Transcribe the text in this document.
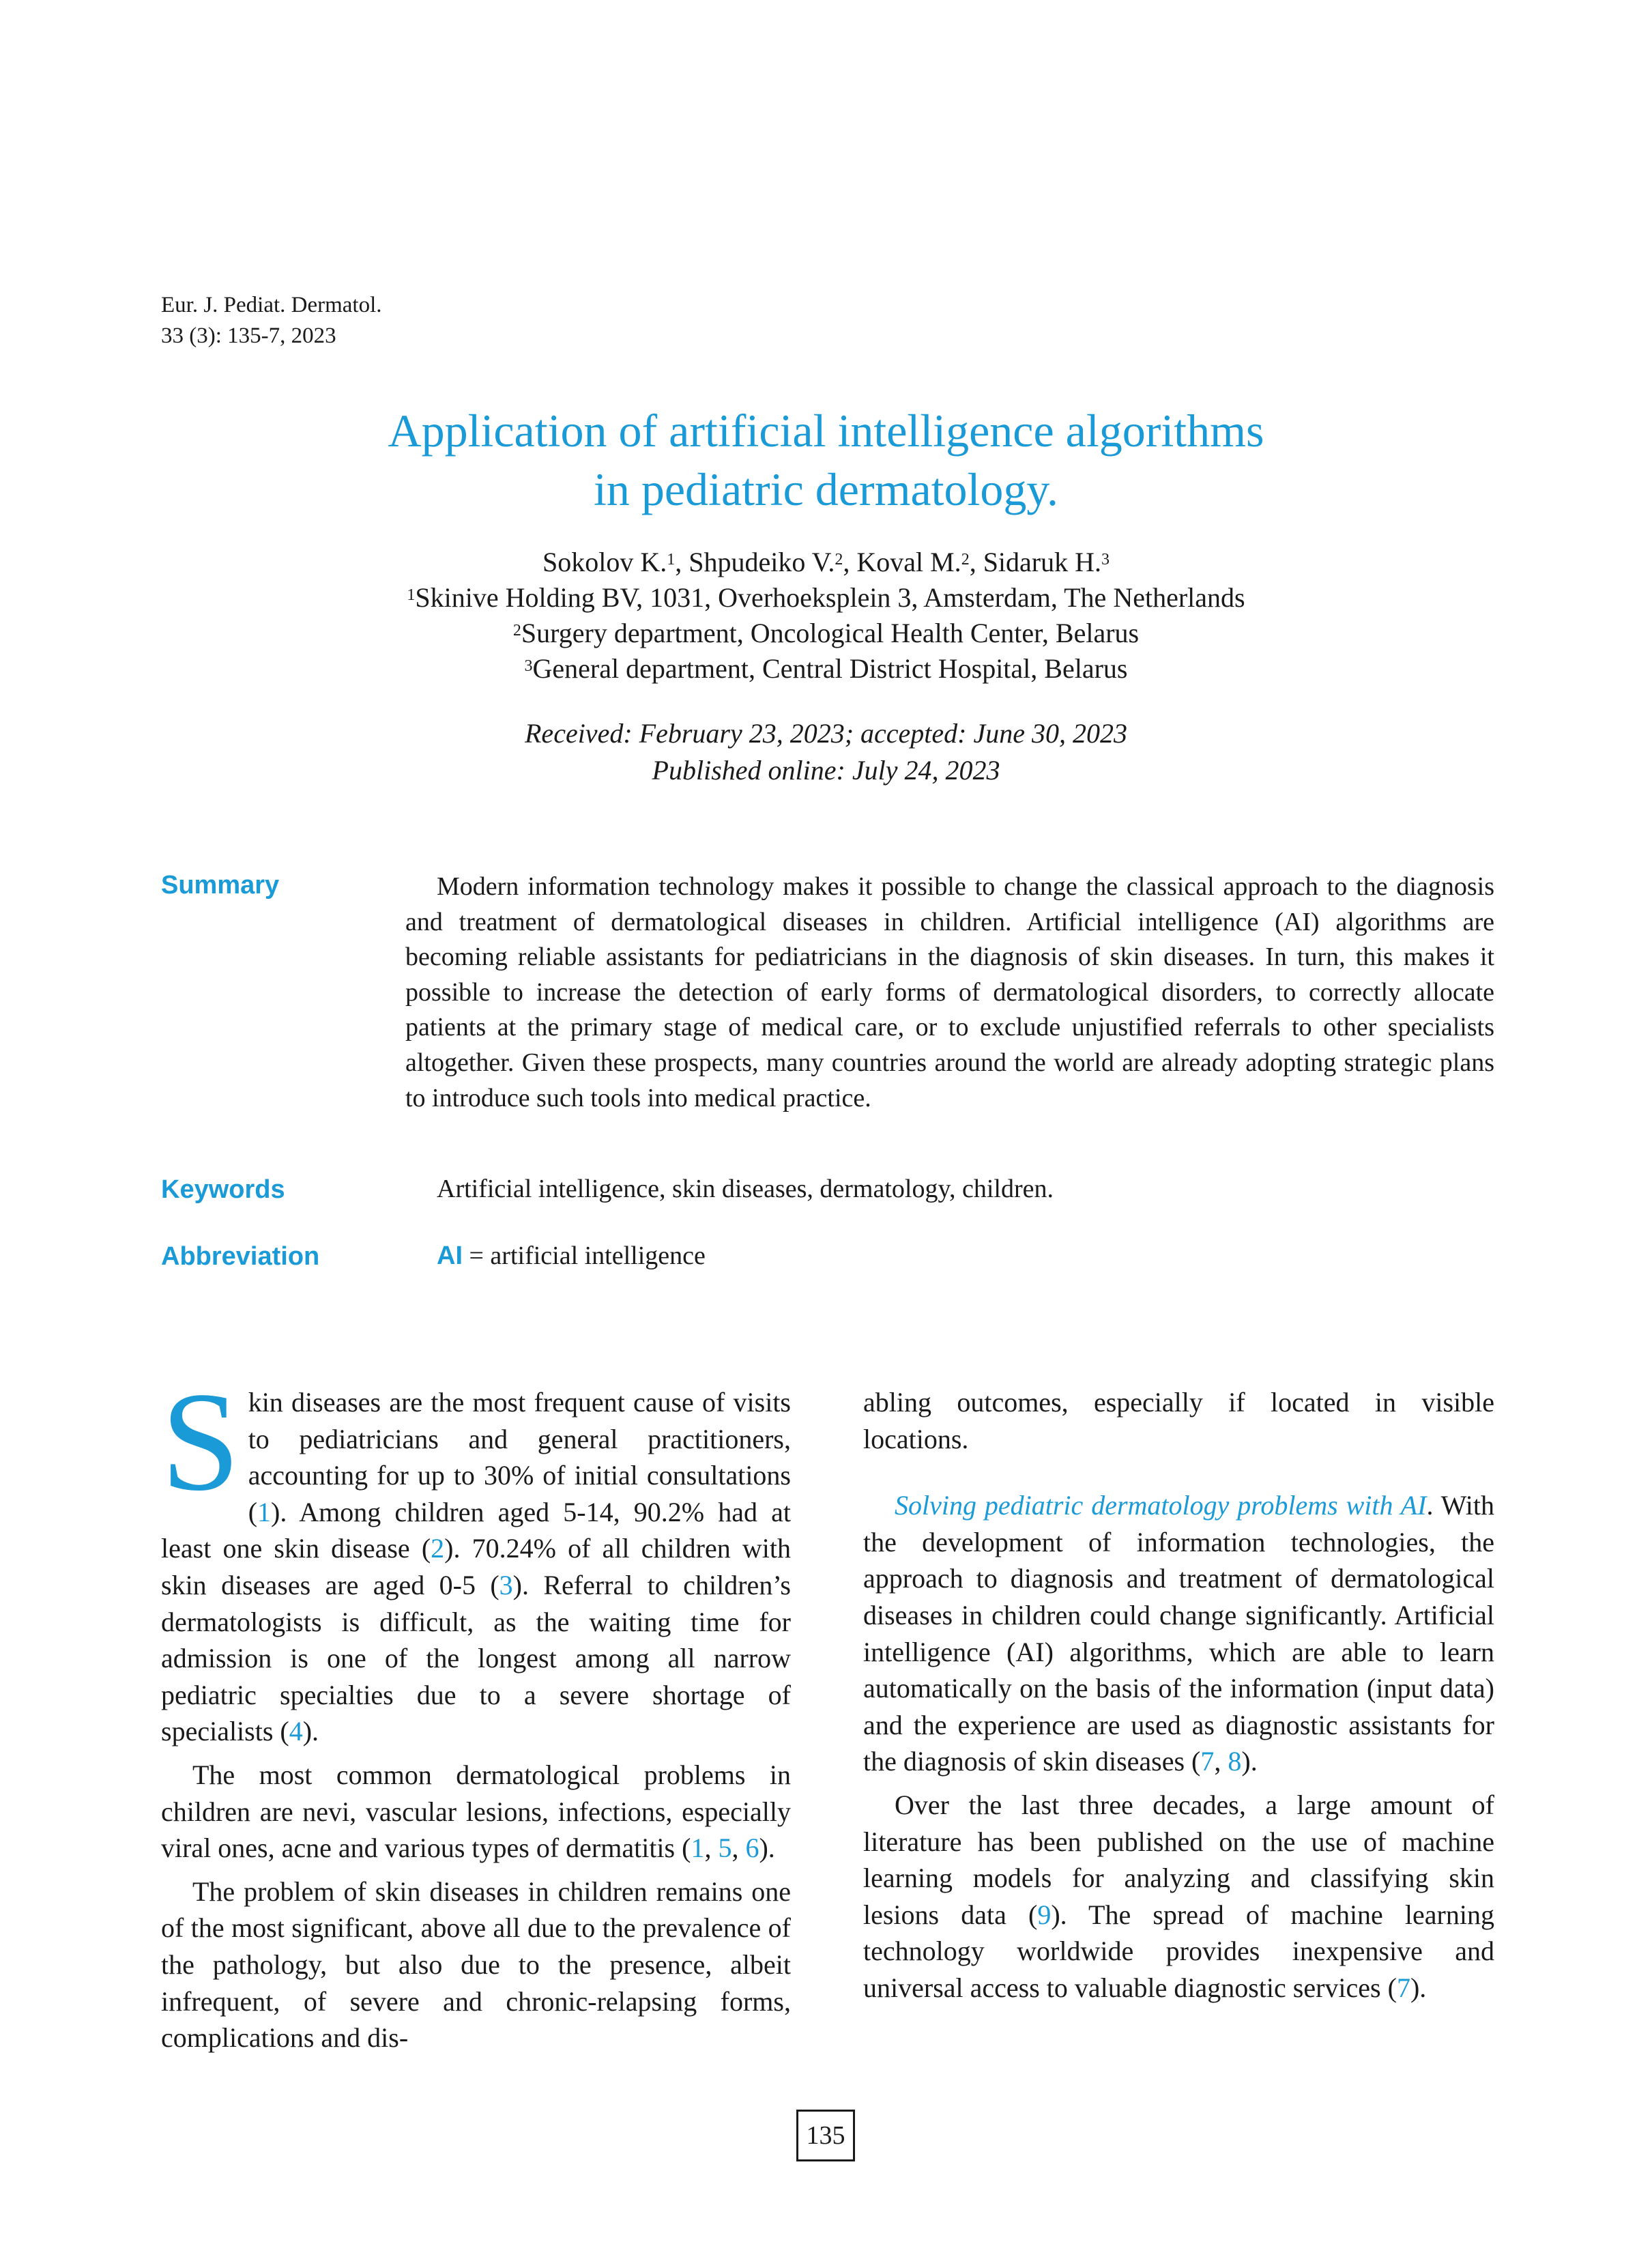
Eur. J. Pediat. Dermatol.
33 (3): 135-7, 2023
Application of artificial intelligence algorithms
in pediatric dermatology.
Sokolov K.$^1$, Shpudeiko V.$^2$, Koval M.$^2$, Sidaruk H.$^3$
$^1$Skinive Holding BV, 1031, Overhoeksplein 3, Amsterdam, The Netherlands
$^2$Surgery department, Oncological Health Center, Belarus
$^3$General department, Central District Hospital, Belarus
Received: February 23, 2023; accepted: June 30, 2023
Published online: July 24, 2023
Summary	Modern information technology makes it possible to change the classical approach to the diagnosis and treatment of dermatological diseases in children. Artificial intelligence (AI) algorithms are becoming reliable assistants for pediatricians in the diagnosis of skin diseases. In turn, this makes it possible to increase the detection of early forms of dermatological disorders, to correctly allocate patients at the primary stage of medical care, or to exclude unjustified referrals to other specialists altogether. Given these prospects, many countries around the world are already adopting strategic plans to introduce such tools into medical practice.

Keywords	Artificial intelligence, skin diseases, dermatology, children.
Abbreviation	AI = artificial intelligence

Skin diseases are the most frequent cause of visits to pediatricians and general practitioners, accounting for up to 30% of initial consultations (1). Among children aged 5-14, 90.2% had at least one skin disease (2). 70.24% of all children with skin diseases are aged 0-5 (3). Referral to children’s dermatologists is difficult, as the waiting time for admission is one of the longest among all narrow pediatric specialties due to a severe shortage of specialists (4).

The most common dermatological problems in children are nevi, vascular lesions, infections, especially viral ones, acne and various types of dermatitis (1, 5, 6).

The problem of skin diseases in children remains one of the most significant, above all due to the prevalence of the pathology, but also due to the presence, albeit infrequent, of severe and chronic-relapsing forms, complications and dis-

abling outcomes, especially if located in visible locations.

Solving pediatric dermatology problems with AI. With the development of information technologies, the approach to diagnosis and treatment of dermatological diseases in children could change significantly. Artificial intelligence (AI) algorithms, which are able to learn automatically on the basis of the information (input data) and the experience are used as diagnostic assistants for the diagnosis of skin diseases (7, 8).

Over the last three decades, a large amount of literature has been published on the use of machine learning models for analyzing and classifying skin lesions data (9). The spread of machine learning technology worldwide provides inexpensive and universal access to valuable diagnostic services (7).

135
